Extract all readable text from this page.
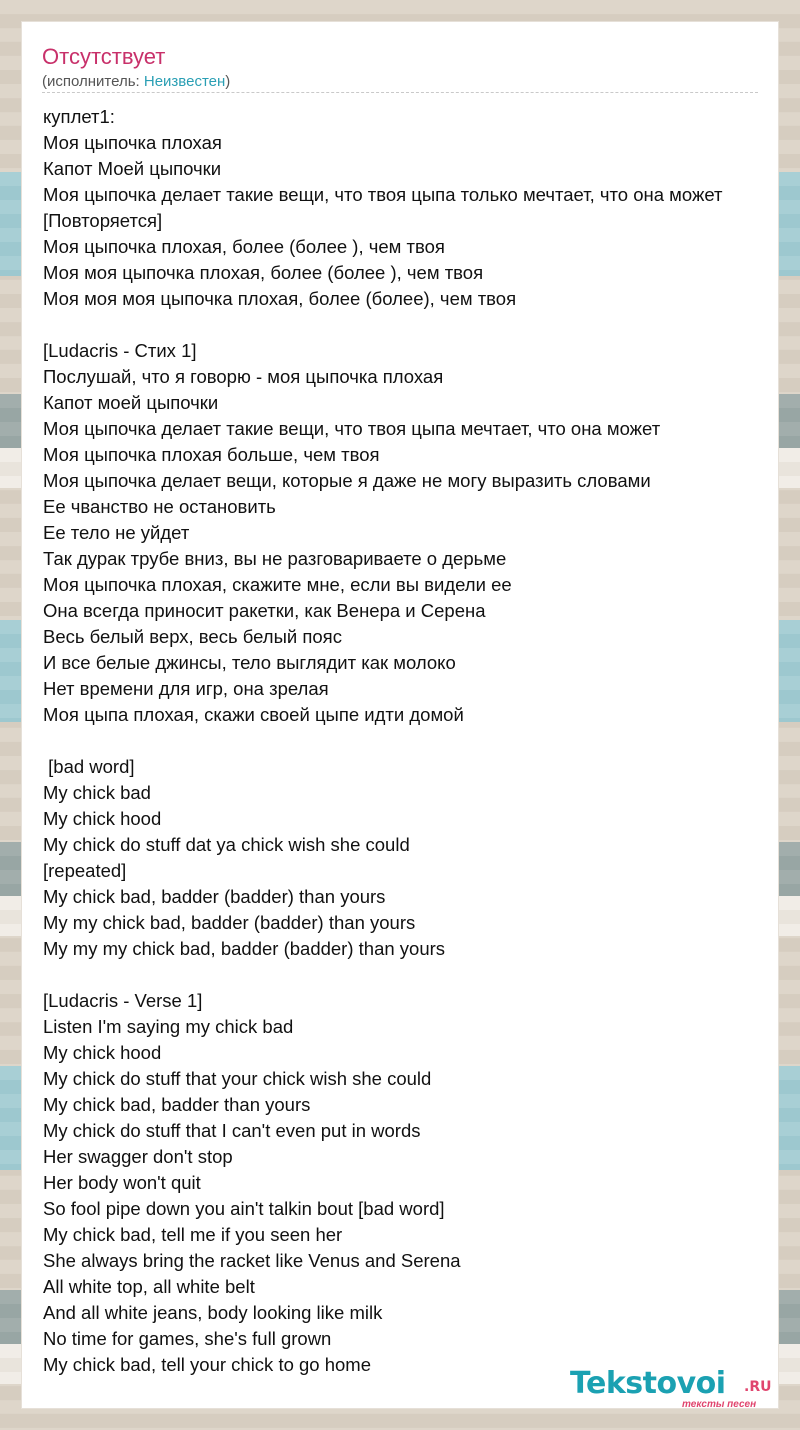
Отсутствует
(исполнитель: Неизвестен)
куплет1:
Моя цыпочка плохая
Капот Моей цыпочки
Моя цыпочка делает такие вещи, что твоя цыпа только мечтает, что она может
[Повторяется]
Моя цыпочка плохая, более (более ), чем твоя
Моя моя цыпочка плохая, более (более ), чем твоя
Моя моя моя цыпочка плохая, более (более), чем твоя
[Ludacris - Стих 1]
Послушай, что я говорю - моя цыпочка плохая
Капот моей цыпочки
Моя цыпочка делает такие вещи, что твоя цыпа мечтает, что она может
Моя цыпочка плохая больше, чем твоя
Моя цыпочка делает вещи, которые я даже не могу выразить словами
Ее чванство не остановить
Ее тело не уйдет
Так дурак трубе вниз, вы не разговариваете о дерьме
Моя цыпочка плохая, скажите мне, если вы видели ее
Она всегда приносит ракетки, как Венера и Серена
Весь белый верх, весь белый пояс
И все белые джинсы, тело выглядит как молоко
Нет времени для игр, она зрелая
Моя цыпа плохая, скажи своей цыпе идти домой
[bad word]
My chick bad
My chick hood
My chick do stuff dat ya chick wish she could
[repeated]
My chick bad, badder (badder) than yours
My my chick bad, badder (badder) than yours
My my my chick bad, badder (badder) than yours
[Ludacris - Verse 1]
Listen I'm saying my chick bad
My chick hood
My chick do stuff that your chick wish she could
My chick bad, badder than yours
My chick do stuff that I can't even put in words
Her swagger don't stop
Her body won't quit
So fool pipe down you ain't talkin bout [bad word]
My chick bad, tell me if you seen her
She always bring the racket like Venus and Serena
All white top, all white belt
And all white jeans, body looking like milk
No time for games, she's full grown
My chick bad, tell your chick to go home
Tekstovoi .RU
тексты песен
